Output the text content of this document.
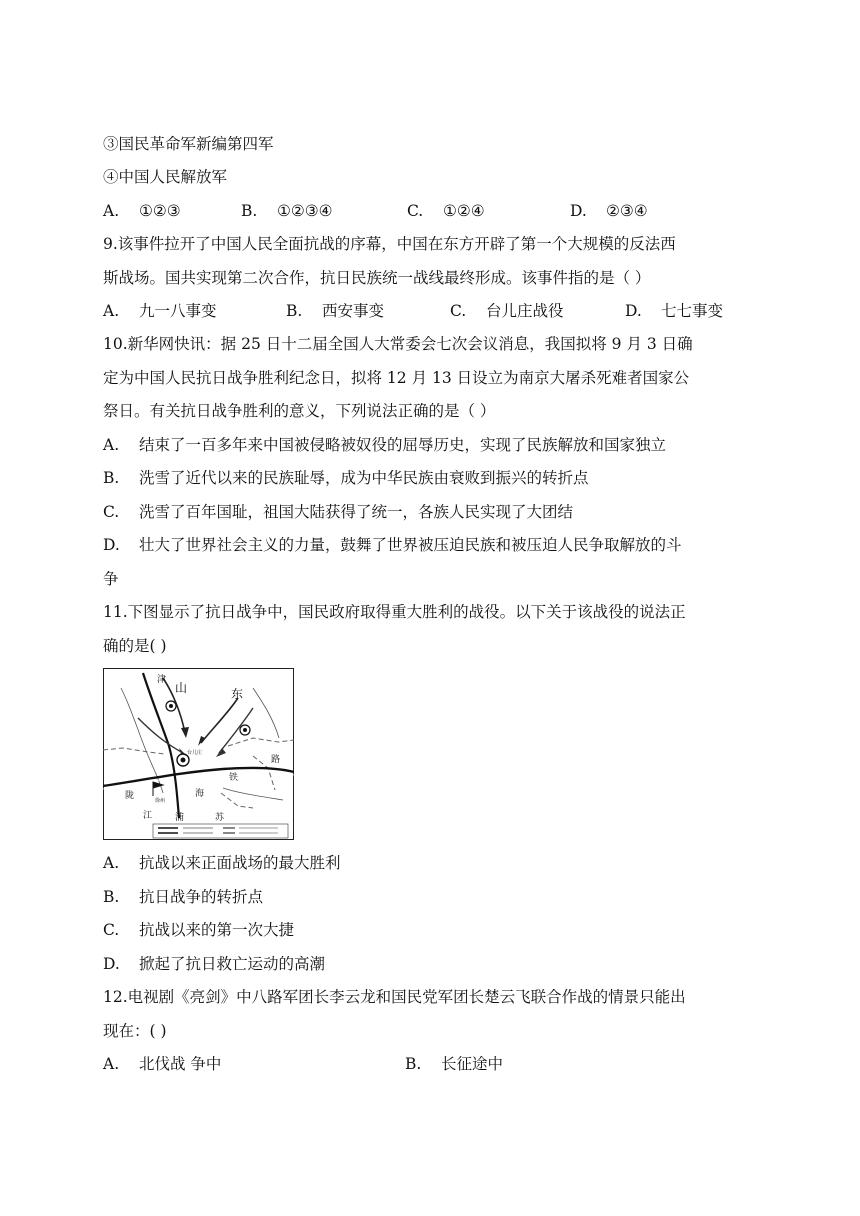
③国民革命军新编第四军
④中国人民解放军
A. ①②③	B. ①②③④	C. ①②④	D. ②③④
9.该事件拉开了中国人民全面抗战的序幕，中国在东方开辟了第一个大规模的反法西
斯战场。国共实现第二次合作，抗日民族统一战线最终形成。该事件指的是（ ）
A. 九一八事变	B. 西安事变	C. 台儿庄战役	D. 七七事变
10.新华网快讯：据 25 日十二届全国人大常委会七次会议消息，我国拟将 9 月 3 日确
定为中国人民抗日战争胜利纪念日，拟将 12 月 13 日设立为南京大屠杀死难者国家公
祭日。有关抗日战争胜利的意义，下列说法正确的是（ ）
A. 结束了一百多年来中国被侵略被奴役的屈辱历史，实现了民族解放和国家独立
B. 洗雪了近代以来的民族耻辱，成为中华民族由衰败到振兴的转折点
C. 洗雪了百年国耻，祖国大陆获得了统一，各族人民实现了大团结
D. 壮大了世界社会主义的力量，鼓舞了世界被压迫民族和被压迫人民争取解放的斗
争
11.下图显示了抗日战争中，国民政府取得重大胜利的战役。以下关于该战役的说法正
确的是( )
山	东
台儿庄
徐州
陇
江	浦
海
苏
铁
路
津
A. 抗战以来正面战场的最大胜利
B. 抗日战争的转折点
C. 抗战以来的第一次大捷
D. 掀起了抗日救亡运动的高潮
12.电视剧《亮剑》中八路军团长李云龙和国民党军团长楚云飞联合作战的情景只能出
现在：( )
A. 北伐战 争中	B. 长征途中
